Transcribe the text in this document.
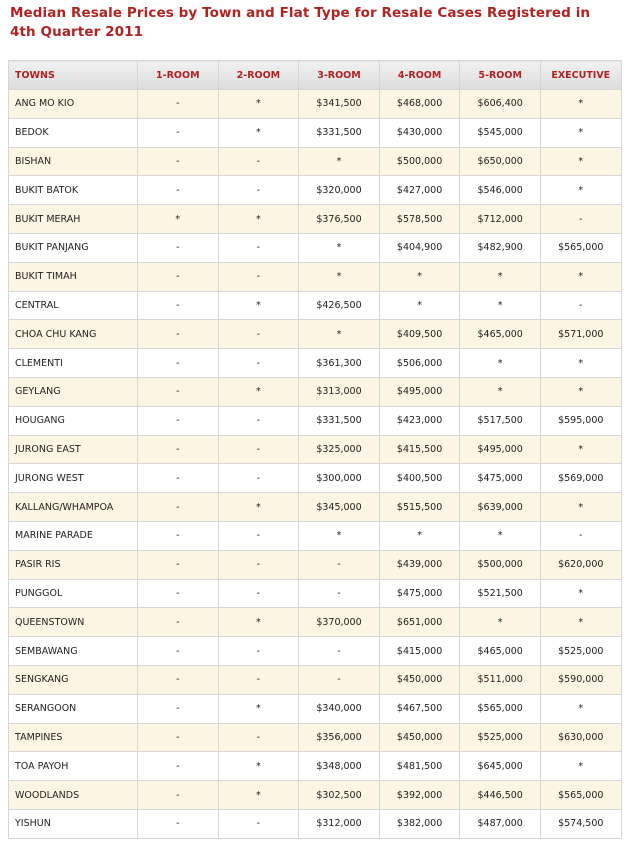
Median Resale Prices by Town and Flat Type for Resale Cases Registered in 4th Quarter 2011
TOWNS	1-ROOM	2-ROOM	3-ROOM	4-ROOM	5-ROOM	EXECUTIVE
ANG MO KIO	-	*	$341,500	$468,000	$606,400	*
BEDOK	-	*	$331,500	$430,000	$545,000	*
BISHAN	-	-	*	$500,000	$650,000	*
BUKIT BATOK	-	-	$320,000	$427,000	$546,000	*
BUKIT MERAH	*	*	$376,500	$578,500	$712,000	-
BUKIT PANJANG	-	-	*	$404,900	$482,900	$565,000
BUKIT TIMAH	-	-	*	*	*	*
CENTRAL	-	*	$426,500	*	*	-
CHOA CHU KANG	-	-	*	$409,500	$465,000	$571,000
CLEMENTI	-	-	$361,300	$506,000	*	*
GEYLANG	-	*	$313,000	$495,000	*	*
HOUGANG	-	-	$331,500	$423,000	$517,500	$595,000
JURONG EAST	-	-	$325,000	$415,500	$495,000	*
JURONG WEST	-	-	$300,000	$400,500	$475,000	$569,000
KALLANG/WHAMPOA	-	*	$345,000	$515,500	$639,000	*
MARINE PARADE	-	-	*	*	*	-
PASIR RIS	-	-	-	$439,000	$500,000	$620,000
PUNGGOL	-	-	-	$475,000	$521,500	*
QUEENSTOWN	-	*	$370,000	$651,000	*	*
SEMBAWANG	-	-	-	$415,000	$465,000	$525,000
SENGKANG	-	-	-	$450,000	$511,000	$590,000
SERANGOON	-	*	$340,000	$467,500	$565,000	*
TAMPINES	-	-	$356,000	$450,000	$525,000	$630,000
TOA PAYOH	-	*	$348,000	$481,500	$645,000	*
WOODLANDS	-	*	$302,500	$392,000	$446,500	$565,000
YISHUN	-	-	$312,000	$382,000	$487,000	$574,500
